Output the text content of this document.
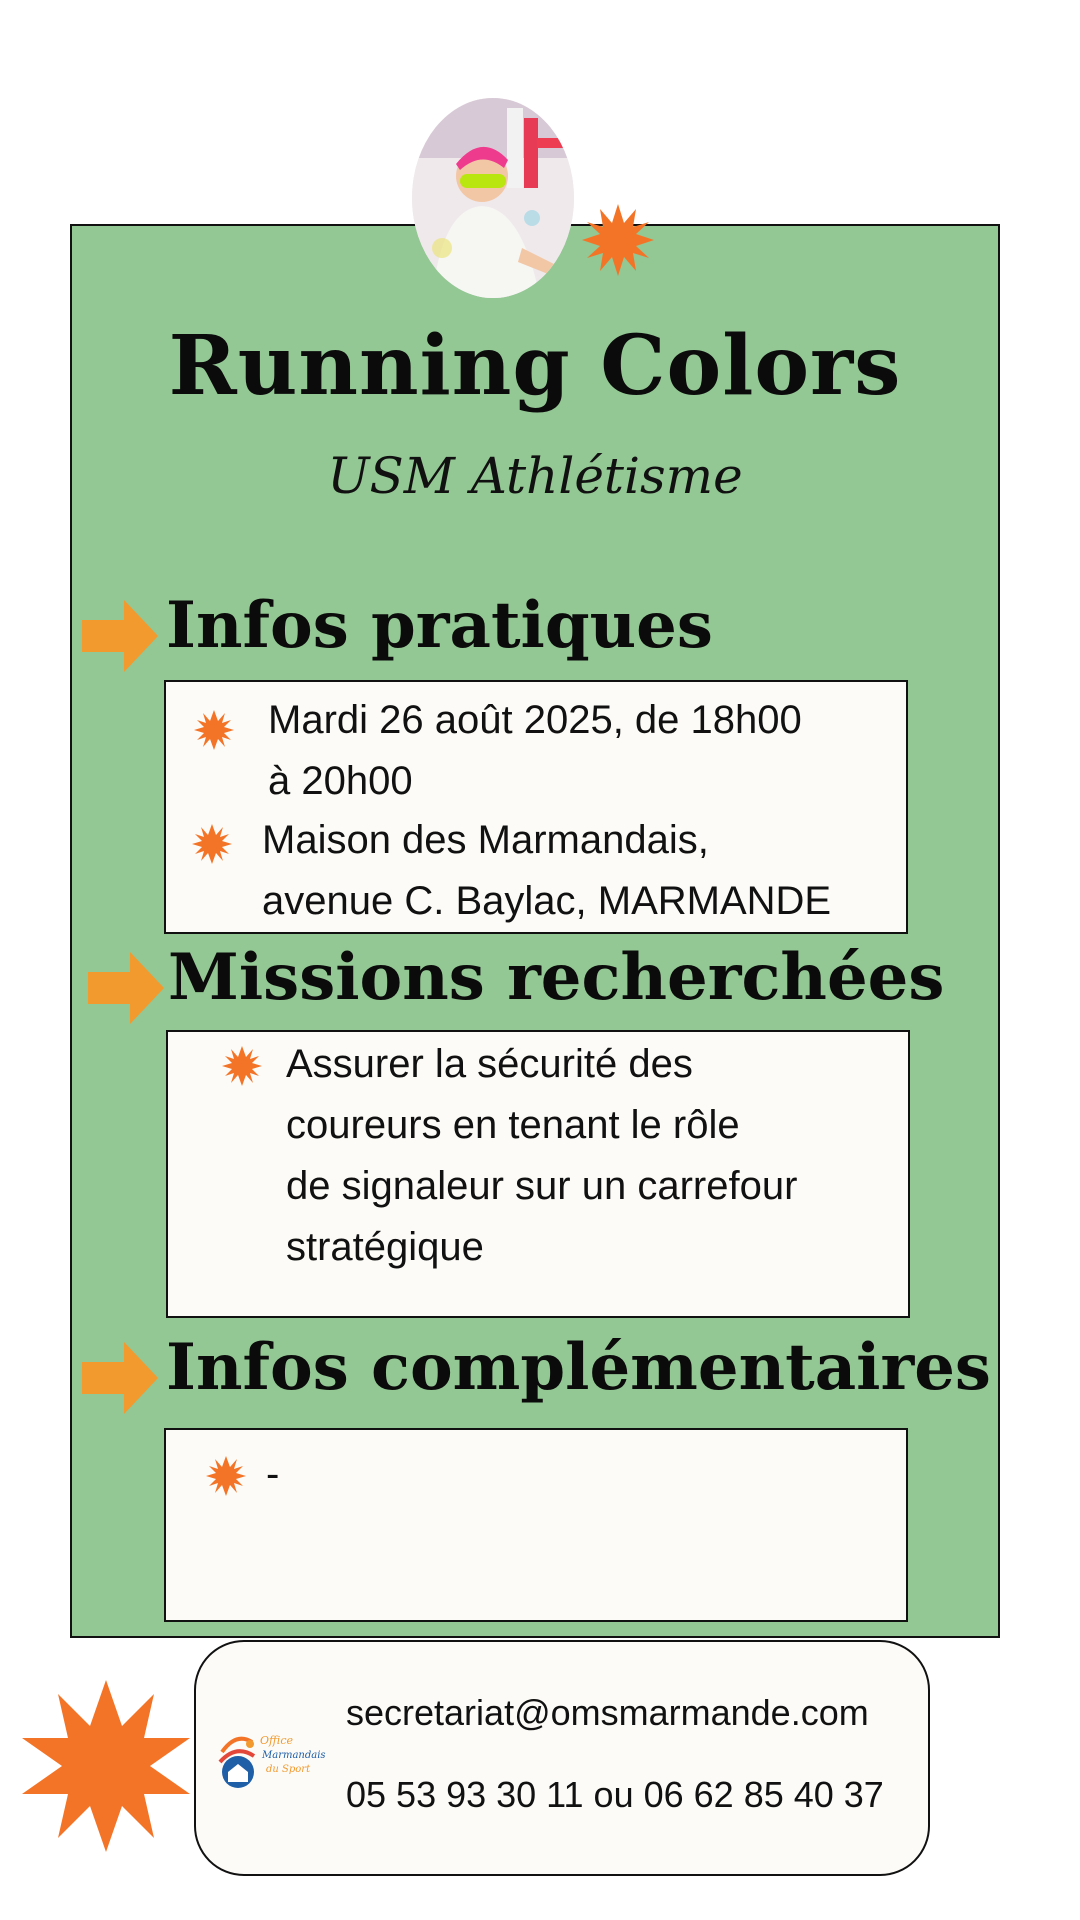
Running Colors
USM Athlétisme
Infos pratiques
Mardi 26 août 2025, de 18h00
à 20h00
Maison des Marmandais,
avenue C. Baylac, MARMANDE
Missions recherchées
Assurer la sécurité des
coureurs en tenant le rôle
de signaleur sur un carrefour
stratégique
Infos complémentaires
-
Office
Marmandais
du Sport
secretariat@omsmarmande.com
05 53 93 30 11 ou 06 62 85 40 37
